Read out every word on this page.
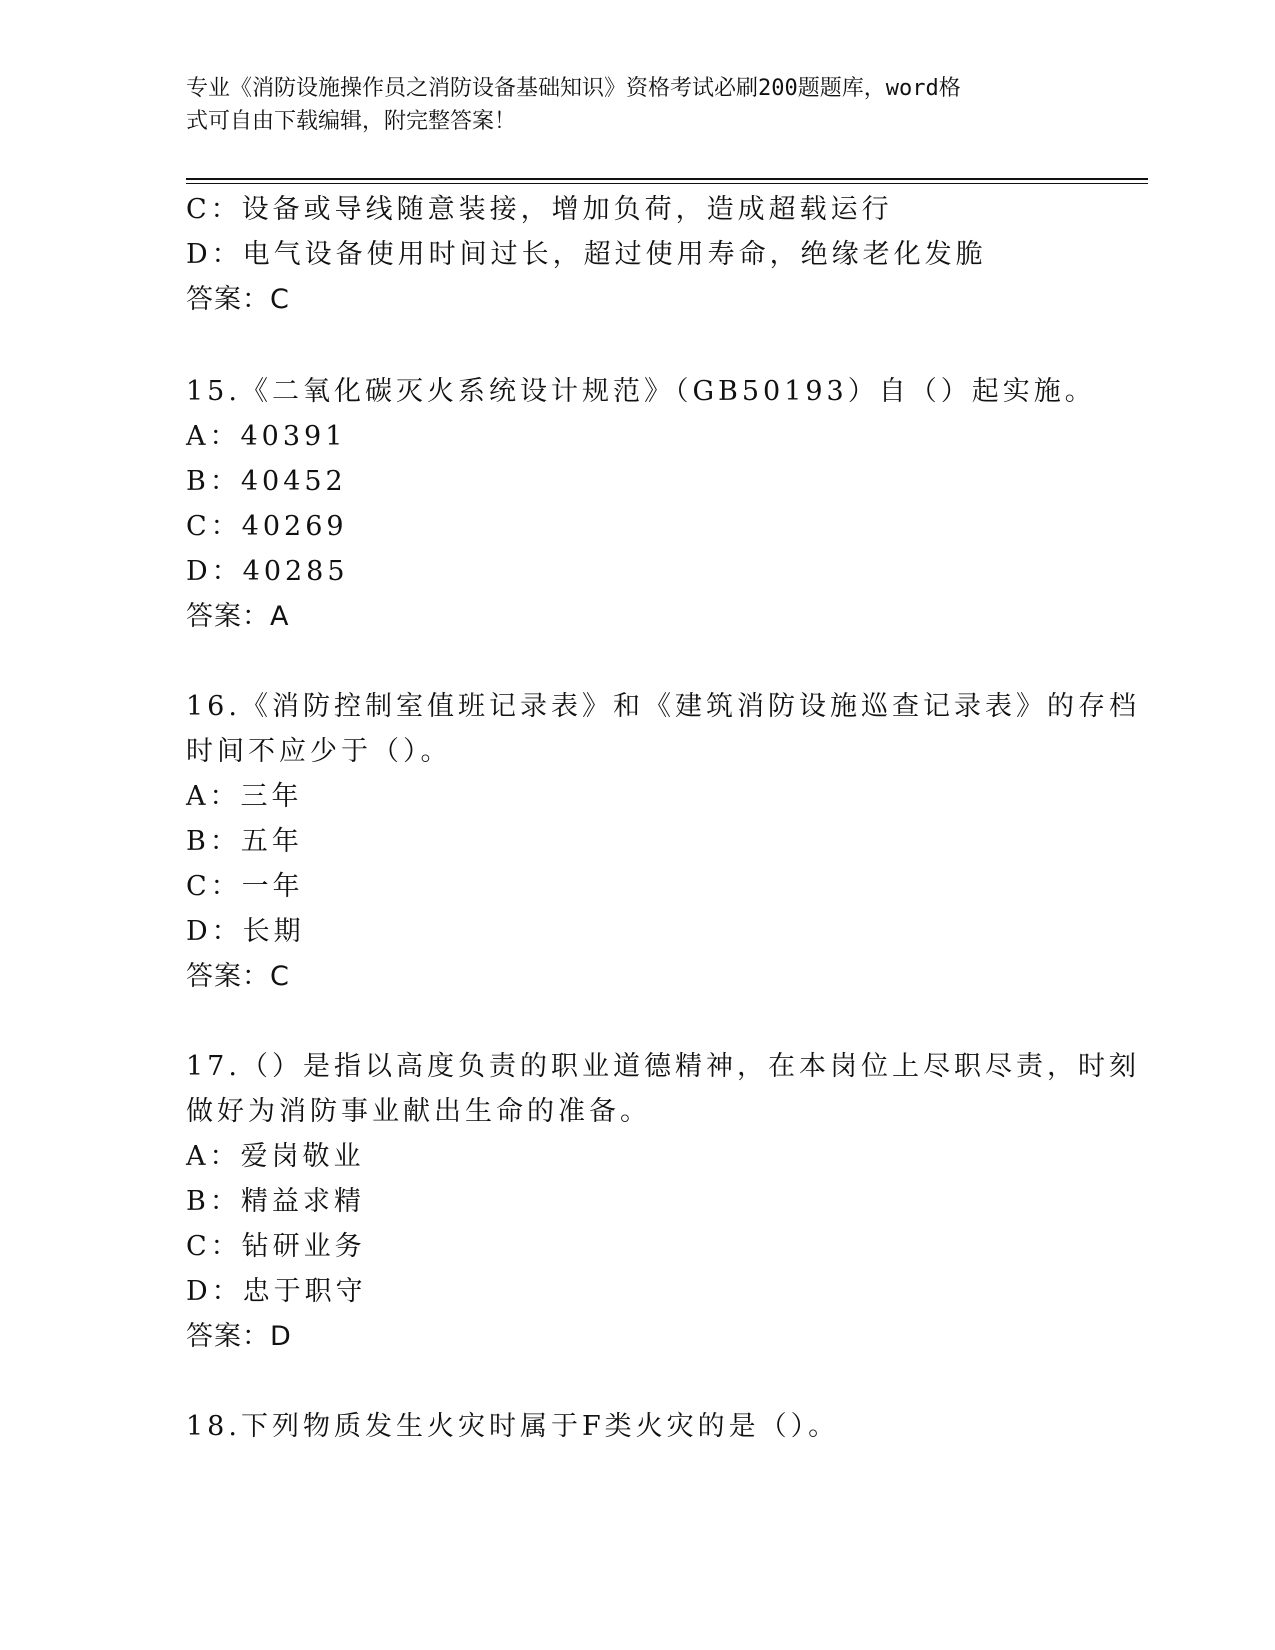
专业《消防设施操作员之消防设备基础知识》资格考试必刷200题题库，word格
式可自由下载编辑，附完整答案！
C：设备或导线随意装接，增加负荷，造成超载运行
D：电气设备使用时间过长，超过使用寿命，绝缘老化发脆
答案：C
15.《二氧化碳灭火系统设计规范》（GB50193）自（）起实施。
A：40391
B：40452
C：40269
D：40285
答案：A
16.《消防控制室值班记录表》和《建筑消防设施巡查记录表》的存档
时间不应少于（）。
A：三年
B：五年
C：一年
D：长期
答案：C
17.（）是指以高度负责的职业道德精神，在本岗位上尽职尽责，时刻
做好为消防事业献出生命的准备。
A：爱岗敬业
B：精益求精
C：钻研业务
D：忠于职守
答案：D
18.下列物质发生火灾时属于F类火灾的是（）。
